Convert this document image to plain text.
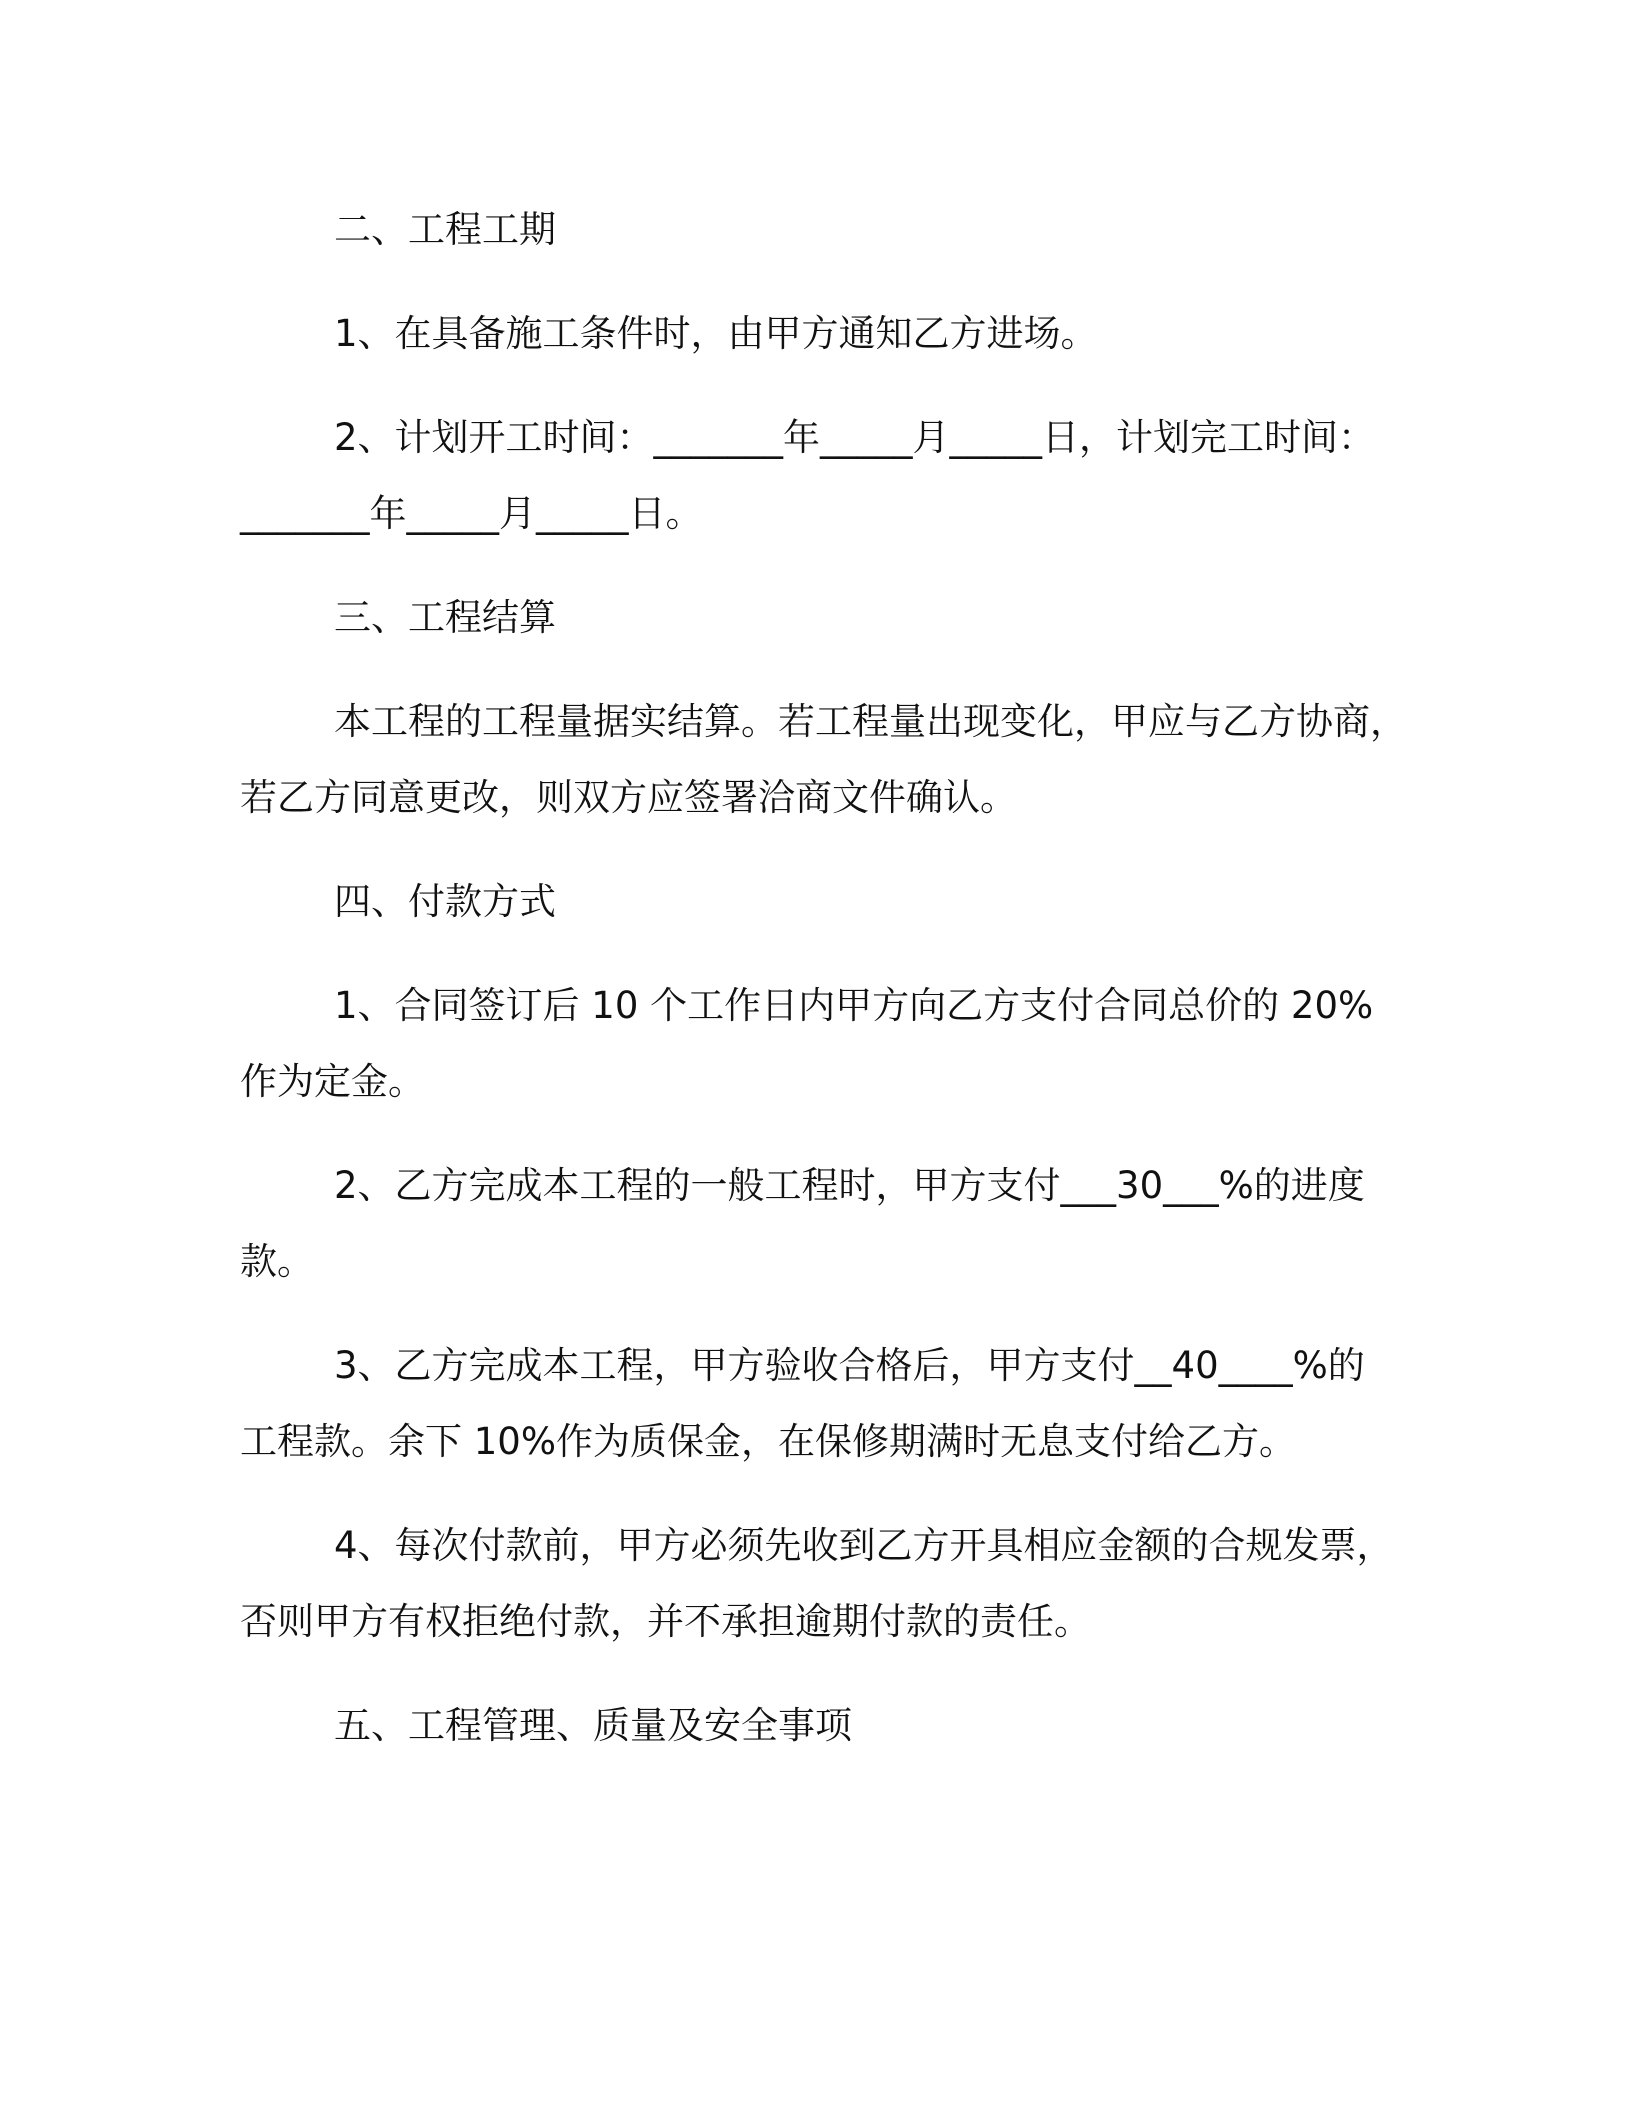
二、工程工期

1、在具备施工条件时，由甲方通知乙方进场。

2、计划开工时间：_______年_____月_____日，计划完工时间：

_______年_____月_____日。

三、工程结算

本工程的工程量据实结算。若工程量出现变化，甲应与乙方协商，

若乙方同意更改，则双方应签署洽商文件确认。

四、付款方式

1、合同签订后 10 个工作日内甲方向乙方支付合同总价的 20%

作为定金。

2、乙方完成本工程的一般工程时，甲方支付___30___%的进度

款。

3、乙方完成本工程，甲方验收合格后，甲方支付__40____%的

工程款。余下 10%作为质保金，在保修期满时无息支付给乙方。

4、每次付款前，甲方必须先收到乙方开具相应金额的合规发票，

否则甲方有权拒绝付款，并不承担逾期付款的责任。

五、工程管理、质量及安全事项
